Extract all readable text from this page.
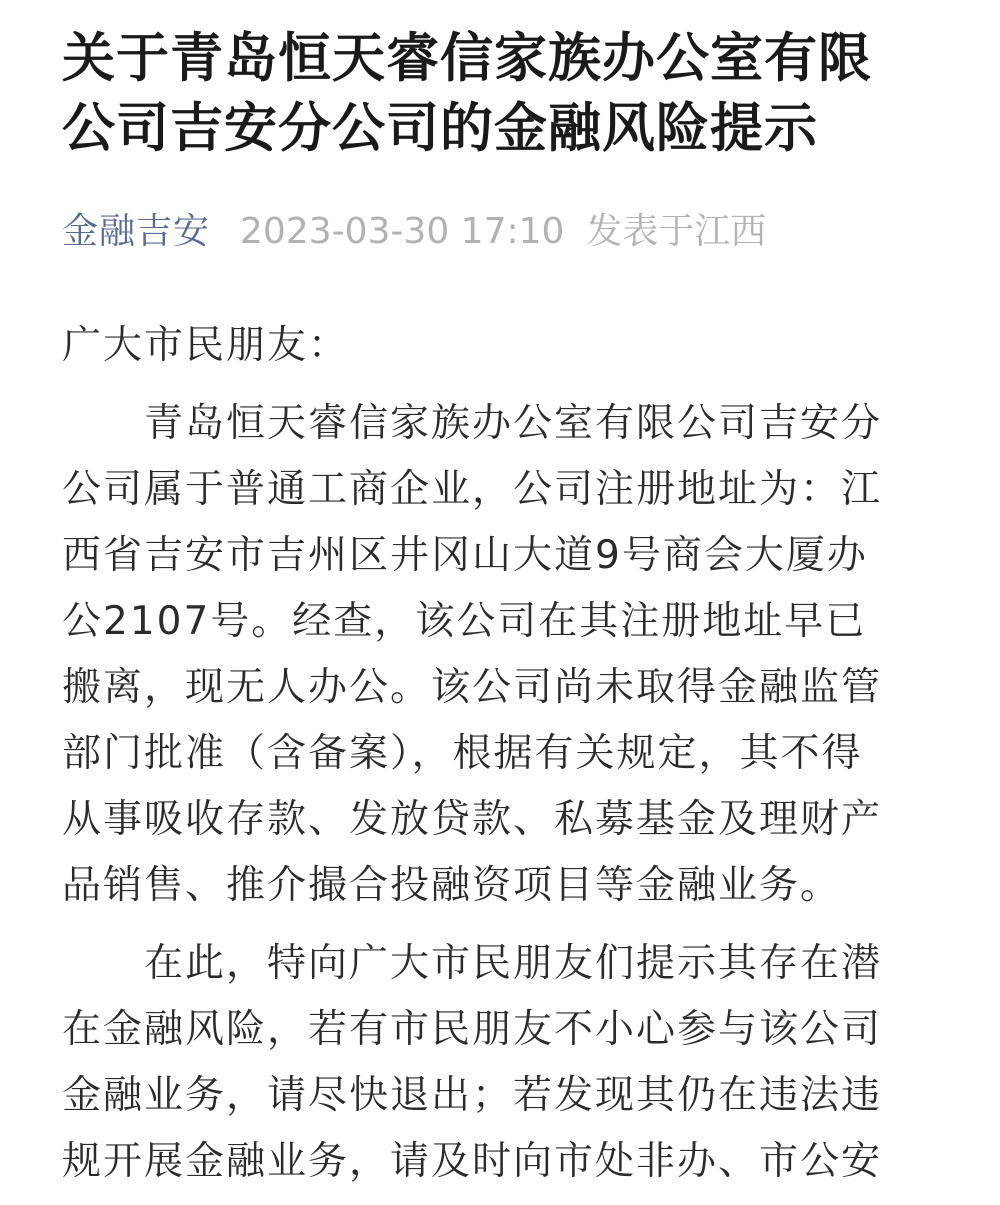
关于青岛恒天睿信家族办公室有限
公司吉安分公司的金融风险提示
金融吉安 2023-03-30 17:10 发表于江西
广大市民朋友：
　　青岛恒天睿信家族办公室有限公司吉安分
公司属于普通工商企业，公司注册地址为：江
西省吉安市吉州区井冈山大道9号商会大厦办
公2107号。经查，该公司在其注册地址早已
搬离，现无人办公。该公司尚未取得金融监管
部门批准（含备案），根据有关规定，其不得
从事吸收存款、发放贷款、私募基金及理财产
品销售、推介撮合投融资项目等金融业务。
　　在此，特向广大市民朋友们提示其存在潜
在金融风险，若有市民朋友不小心参与该公司
金融业务，请尽快退出；若发现其仍在违法违
规开展金融业务，请及时向市处非办、市公安
